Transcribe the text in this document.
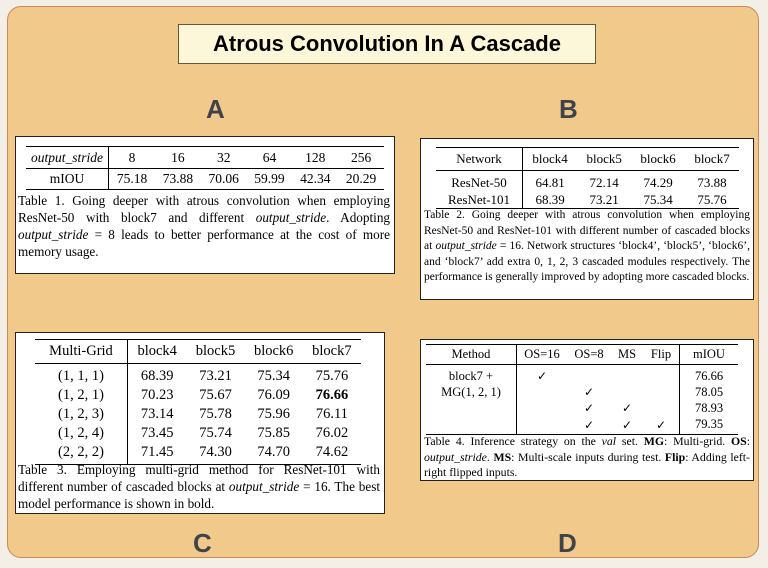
Atrous Convolution In A Cascade
A	B
C	D
output_stride	8	16	32	64	128	256
mIOU	75.18	73.88	70.06	59.99	42.34	20.29
Table 1. Going deeper with atrous convolution when employing ResNet-50 with block7 and different output_stride. Adopting output_stride = 8 leads to better performance at the cost of more memory usage.
Network	block4	block5	block6	block7
ResNet-50	64.81	72.14	74.29	73.88
ResNet-101	68.39	73.21	75.34	75.76
Table 2. Going deeper with atrous convolution when employing ResNet-50 and ResNet-101 with different number of cascaded blocks at output_stride = 16. Network structures ‘block4’, ‘block5’, ‘block6’, and ‘block7’ add extra 0, 1, 2, 3 cascaded modules respectively. The performance is generally improved by adopting more cascaded blocks.
Multi-Grid	block4	block5	block6	block7
(1, 1, 1)	68.39	73.21	75.34	75.76
(1, 2, 1)	70.23	75.67	76.09	76.66
(1, 2, 3)	73.14	75.78	75.96	76.11
(1, 2, 4)	73.45	75.74	75.85	76.02
(2, 2, 2)	71.45	74.30	74.70	74.62
Table 3. Employing multi-grid method for ResNet-101 with different number of cascaded blocks at output_stride = 16. The best model performance is shown in bold.
Method	OS=16	OS=8	MS	Flip	mIOU
block7 +	✓				76.66
MG(1, 2, 1)		✓			78.05
		✓	✓		78.93
		✓	✓	✓	79.35
Table 4. Inference strategy on the val set. MG: Multi-grid. OS: output_stride. MS: Multi-scale inputs during test. Flip: Adding left-right flipped inputs.
